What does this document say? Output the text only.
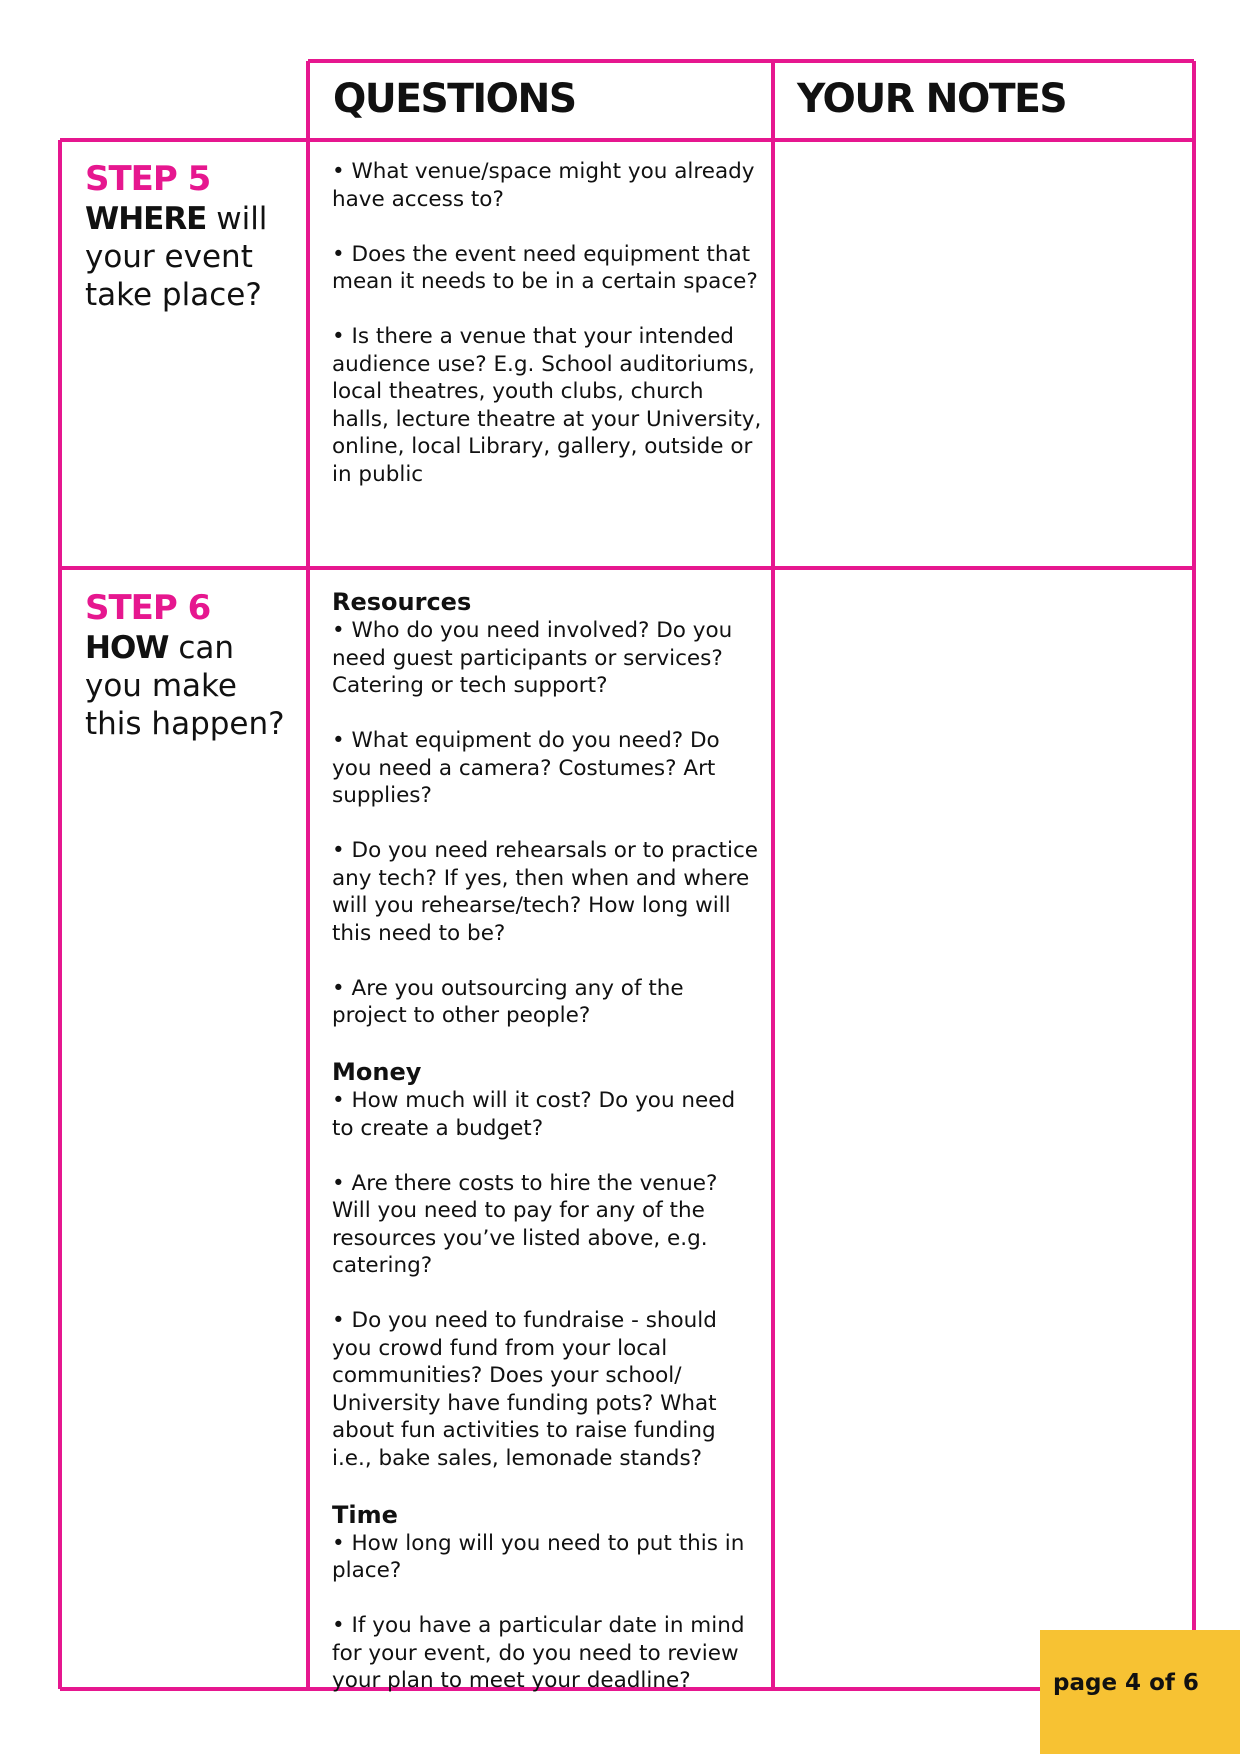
QUESTIONS	YOUR NOTES
STEP 5
WHERE will your event take place?

• What venue/space might you already have access to?

• Does the event need equipment that mean it needs to be in a certain space?

• Is there a venue that your intended audience use? E.g. School auditoriums, local theatres, youth clubs, church halls, lecture theatre at your University, online, local Library, gallery, outside or in public

STEP 6
HOW can you make this happen?
Resources

• Who do you need involved? Do you need guest participants or services? Catering or tech support?

• What equipment do you need? Do you need a camera? Costumes? Art supplies?

• Do you need rehearsals or to practice any tech? If yes, then when and where will you rehearse/tech? How long will this need to be?

• Are you outsourcing any of the project to other people?

Money

• How much will it cost? Do you need to create a budget?

• Are there costs to hire the venue? Will you need to pay for any of the resources you’ve listed above, e.g. catering?

• Do you need to fundraise - should you crowd fund from your local communities? Does your school/ University have funding pots? What about fun activities to raise funding i.e., bake sales, lemonade stands?

Time

• How long will you need to put this in place?

• If you have a particular date in mind for your event, do you need to review your plan to meet your deadline?	page 4 of 6
